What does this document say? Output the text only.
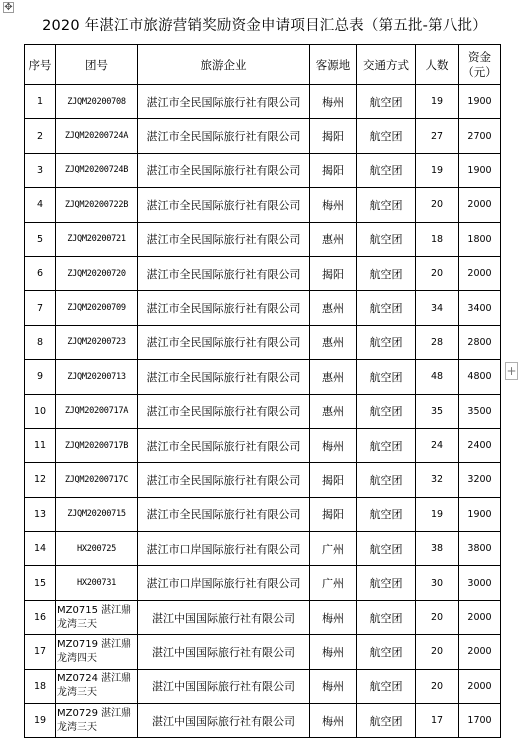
✥
2020 年湛江市旅游营销奖励资金申请项目汇总表（第五批-第八批）
序号	团号	旅游企业	客源地	交通方式	人数	资金
（元）
1	ZJQM20200708	湛江市全民国际旅行社有限公司	梅州	航空团	19	1900
2	ZJQM20200724A	湛江市全民国际旅行社有限公司	揭阳	航空团	27	2700
3	ZJQM20200724B	湛江市全民国际旅行社有限公司	揭阳	航空团	19	1900
4	ZJQM20200722B	湛江市全民国际旅行社有限公司	梅州	航空团	20	2000
5	ZJQM20200721	湛江市全民国际旅行社有限公司	惠州	航空团	18	1800
6	ZJQM20200720	湛江市全民国际旅行社有限公司	揭阳	航空团	20	2000
7	ZJQM20200709	湛江市全民国际旅行社有限公司	惠州	航空团	34	3400
8	ZJQM20200723	湛江市全民国际旅行社有限公司	惠州	航空团	28	2800
9	ZJQM20200713	湛江市全民国际旅行社有限公司	惠州	航空团	48	4800
10	ZJQM20200717A	湛江市全民国际旅行社有限公司	惠州	航空团	35	3500
11	ZJQM20200717B	湛江市全民国际旅行社有限公司	梅州	航空团	24	2400
12	ZJQM20200717C	湛江市全民国际旅行社有限公司	揭阳	航空团	32	3200
13	ZJQM20200715	湛江市全民国际旅行社有限公司	揭阳	航空团	19	1900
14	HX200725	湛江市口岸国际旅行社有限公司	广州	航空团	38	3800
15	HX200731	湛江市口岸国际旅行社有限公司	广州	航空团	30	3000
16	MZ0715 湛江鼎龙湾三天	湛江中国国际旅行社有限公司	梅州	航空团	20	2000
17	MZ0719 湛江鼎龙湾四天	湛江中国国际旅行社有限公司	梅州	航空团	20	2000
18	MZ0724 湛江鼎龙湾三天	湛江中国国际旅行社有限公司	梅州	航空团	20	2000
19	MZ0729 湛江鼎龙湾三天	湛江中国国际旅行社有限公司	梅州	航空团	17	1700
+
